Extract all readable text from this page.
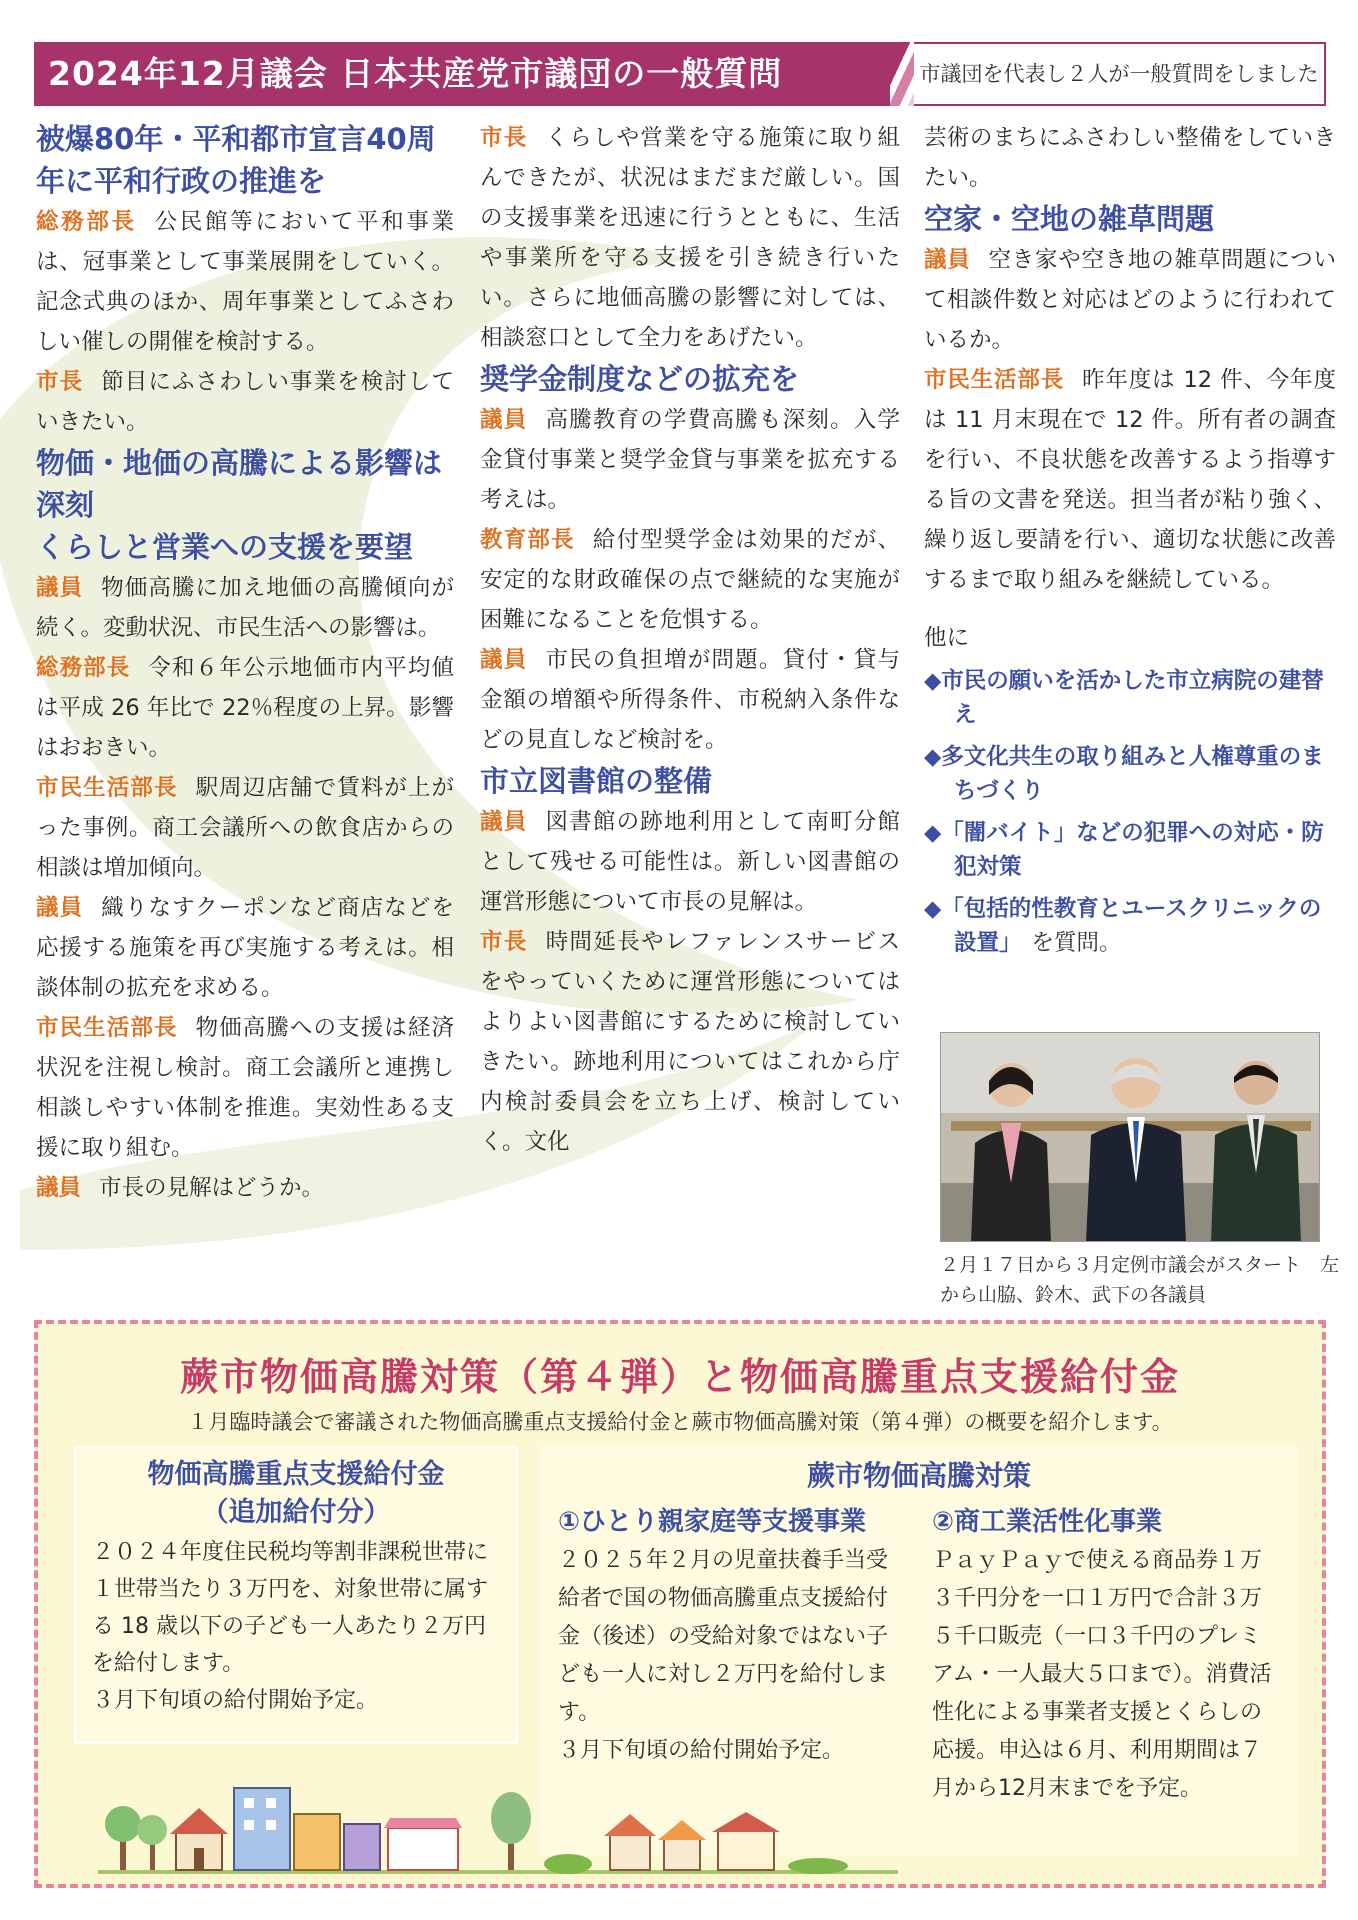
2024年12月議会 日本共産党市議団の一般質問	市議団を代表し２人が一般質問をしました

被爆80年・平和都市宣言40周年に平和行政の推進を

総務部長 公民館等において平和事業は、冠事業として事業展開をしていく。記念式典のほか、周年事業としてふさわしい催しの開催を検討する。

市長 節目にふさわしい事業を検討していきたい。

物価・地価の高騰による影響は深刻

くらしと営業への支援を要望

議員 物価高騰に加え地価の高騰傾向が続く。変動状況、市民生活への影響は。

総務部長 令和６年公示地価市内平均値は平成 26 年比で 22％程度の上昇。影響はおおきい。

市民生活部長 駅周辺店舗で賃料が上がった事例。商工会議所への飲食店からの相談は増加傾向。

議員 織りなすクーポンなど商店などを応援する施策を再び実施する考えは。相談体制の拡充を求める。

市民生活部長 物価高騰への支援は経済状況を注視し検討。商工会議所と連携し相談しやすい体制を推進。実効性ある支援に取り組む。

議員 市長の見解はどうか。

市長 くらしや営業を守る施策に取り組んできたが、状況はまだまだ厳しい。国の支援事業を迅速に行うとともに、生活や事業所を守る支援を引き続き行いたい。さらに地価高騰の影響に対しては、相談窓口として全力をあげたい。

奨学金制度などの拡充を

議員 高騰教育の学費高騰も深刻。入学金貸付事業と奨学金貸与事業を拡充する考えは。

教育部長 給付型奨学金は効果的だが、安定的な財政確保の点で継続的な実施が困難になることを危惧する。

議員 市民の負担増が問題。貸付・貸与金額の増額や所得条件、市税納入条件などの見直しなど検討を。

市立図書館の整備

議員 図書館の跡地利用として南町分館として残せる可能性は。新しい図書館の運営形態について市長の見解は。

市長 時間延長やレファレンスサービスをやっていくために運営形態についてはよりよい図書館にするために検討していきたい。跡地利用についてはこれから庁内検討委員会を立ち上げ、検討していく。文化

芸術のまちにふさわしい整備をしていきたい。

空家・空地の雑草問題

議員 空き家や空き地の雑草問題について相談件数と対応はどのように行われているか。

市民生活部長 昨年度は 12 件、今年度は 11 月末現在で 12 件。所有者の調査を行い、不良状態を改善するよう指導する旨の文書を発送。担当者が粘り強く、繰り返し要請を行い、適切な状態に改善するまで取り組みを継続している。

他に

◆市民の願いを活かした市立病院の建替え

◆多文化共生の取り組みと人権尊重のまちづくり

◆「闇バイト」などの犯罪への対応・防犯対策

◆「包括的性教育とユースクリニックの設置」 を質問。

２月１７日から３月定例市議会がスタート　左から山脇、鈴木、武下の各議員

蕨市物価高騰対策（第４弾）と物価高騰重点支援給付金

１月臨時議会で審議された物価高騰重点支援給付金と蕨市物価高騰対策（第４弾）の概要を紹介します。

物価高騰重点支援給付金
（追加給付分）

２０２４年度住民税均等割非課税世帯に１世帯当たり３万円を、対象世帯に属する 18 歳以下の子ども一人あたり２万円を給付します。

３月下旬頃の給付開始予定。

蕨市物価高騰対策

①ひとり親家庭等支援事業

２０２５年２月の児童扶養手当受給者で国の物価高騰重点支援給付金（後述）の受給対象ではない子ども一人に対し２万円を給付します。

３月下旬頃の給付開始予定。

②商工業活性化事業

ＰａｙＰａｙで使える商品券１万３千円分を一口１万円で合計３万５千口販売（一口３千円のプレミアム・一人最大５口まで）。消費活性化による事業者支援とくらしの応援。申込は６月、利用期間は７月から12月末までを予定。
